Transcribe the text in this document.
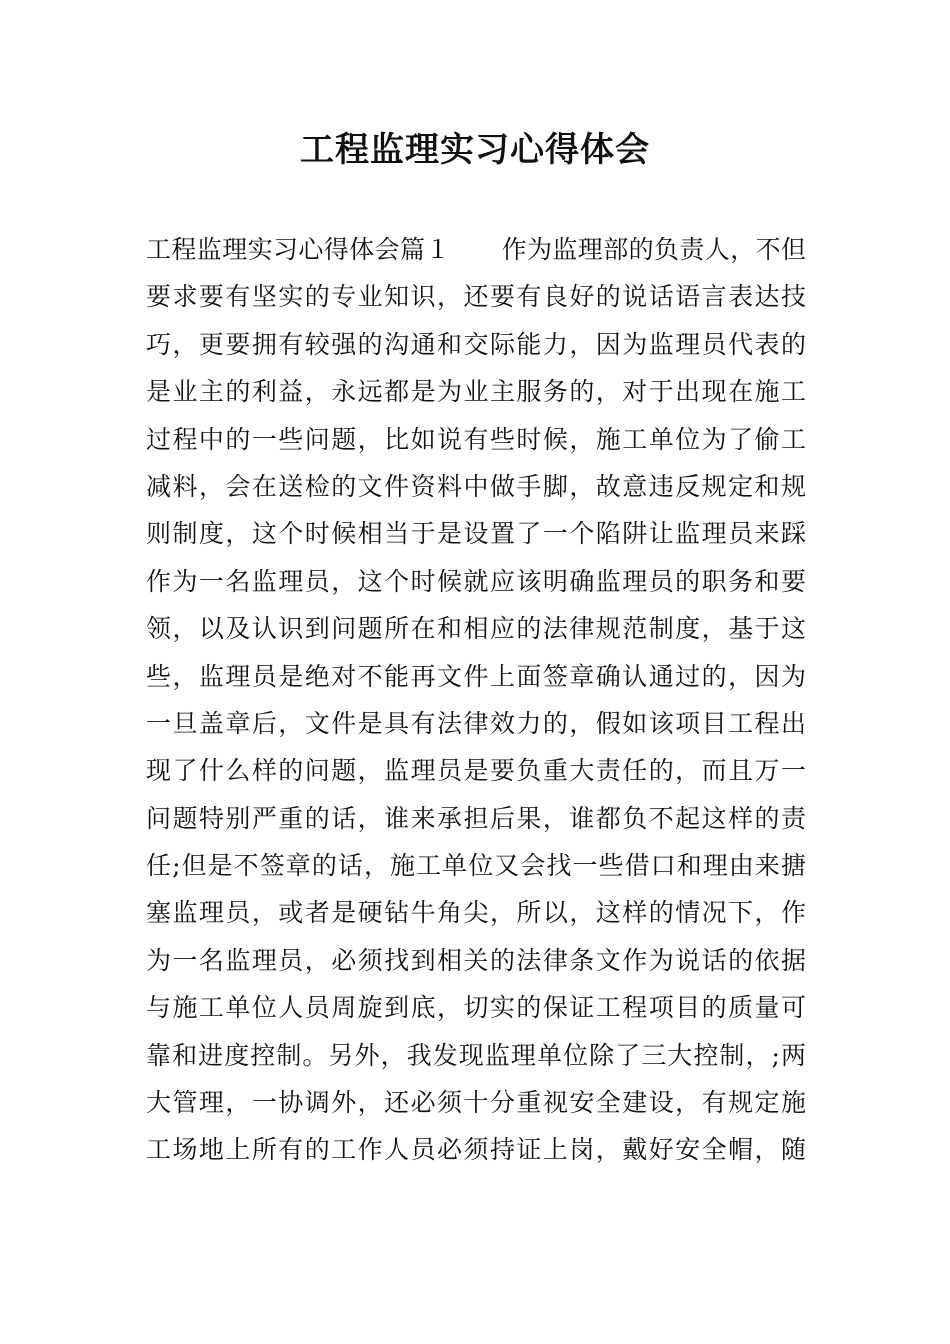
工程监理实习心得体会
工程监理实习心得体会篇１　　作为监理部的负责人，不但
要求要有坚实的专业知识，还要有良好的说话语言表达技
巧，更要拥有较强的沟通和交际能力，因为监理员代表的
是业主的利益，永远都是为业主服务的，对于出现在施工
过程中的一些问题，比如说有些时候，施工单位为了偷工
减料，会在送检的文件资料中做手脚，故意违反规定和规
则制度，这个时候相当于是设置了一个陷阱让监理员来踩
作为一名监理员，这个时候就应该明确监理员的职务和要
领，以及认识到问题所在和相应的法律规范制度，基于这
些，监理员是绝对不能再文件上面签章确认通过的，因为
一旦盖章后，文件是具有法律效力的，假如该项目工程出
现了什么样的问题，监理员是要负重大责任的，而且万一
问题特别严重的话，谁来承担后果，谁都负不起这样的责
任;但是不签章的话，施工单位又会找一些借口和理由来搪
塞监理员，或者是硬钻牛角尖，所以，这样的情况下，作
为一名监理员，必须找到相关的法律条文作为说话的依据
与施工单位人员周旋到底，切实的保证工程项目的质量可
靠和进度控制。另外，我发现监理单位除了三大控制，;两
大管理，一协调外，还必须十分重视安全建设，有规定施
工场地上所有的工作人员必须持证上岗，戴好安全帽，随
